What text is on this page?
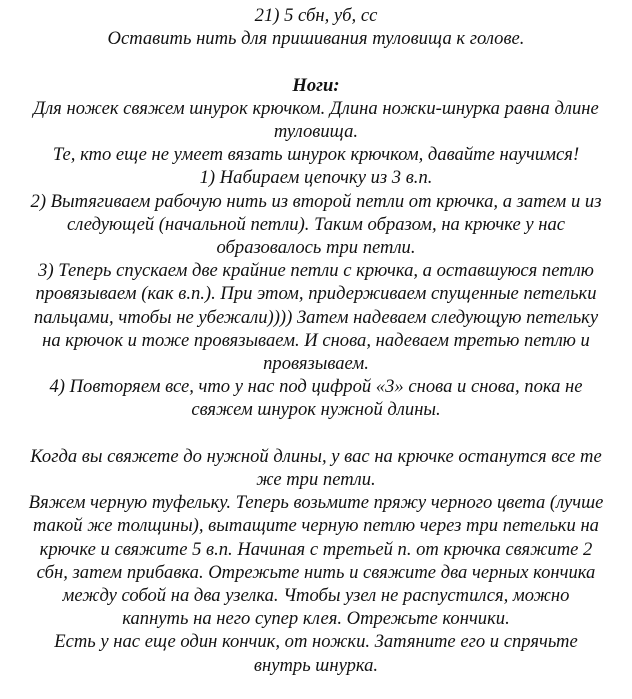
21) 5 сбн, уб, сс
Оставить нить для пришивания туловища к голове.
Ноги:
Для ножек свяжем шнурок крючком. Длина ножки-шнурка равна длине
туловища.
Те, кто еще не умеет вязать шнурок крючком, давайте научимся!
1) Набираем цепочку из 3 в.п.
2) Вытягиваем рабочую нить из второй петли от крючка, а затем и из
следующей (начальной петли). Таким образом, на крючке у нас
образовалось три петли.
3) Теперь спускаем две крайние петли с крючка, а оставшуюся петлю
провязываем (как в.п.). При этом, придерживаем спущенные петельки
пальцами, чтобы не убежали)))) Затем надеваем следующую петельку
на крючок и тоже провязываем. И снова, надеваем третью петлю и
провязываем.
4) Повторяем все, что у нас под цифрой «3» снова и снова, пока не
свяжем шнурок нужной длины.
Когда вы свяжете до нужной длины, у вас на крючке останутся все те
же три петли.
Вяжем черную туфельку. Теперь возьмите пряжу черного цвета (лучше
такой же толщины), вытащите черную петлю через три петельки на
крючке и свяжите 5 в.п. Начиная с третьей п. от крючка свяжите 2
сбн, затем прибавка. Отрежьте нить и свяжите два черных кончика
между собой на два узелка. Чтобы узел не распустился, можно
капнуть на него супер клея. Отрежьте кончики.
Есть у нас еще один кончик, от ножки. Затяните его и спрячьте
внутрь шнурка.
